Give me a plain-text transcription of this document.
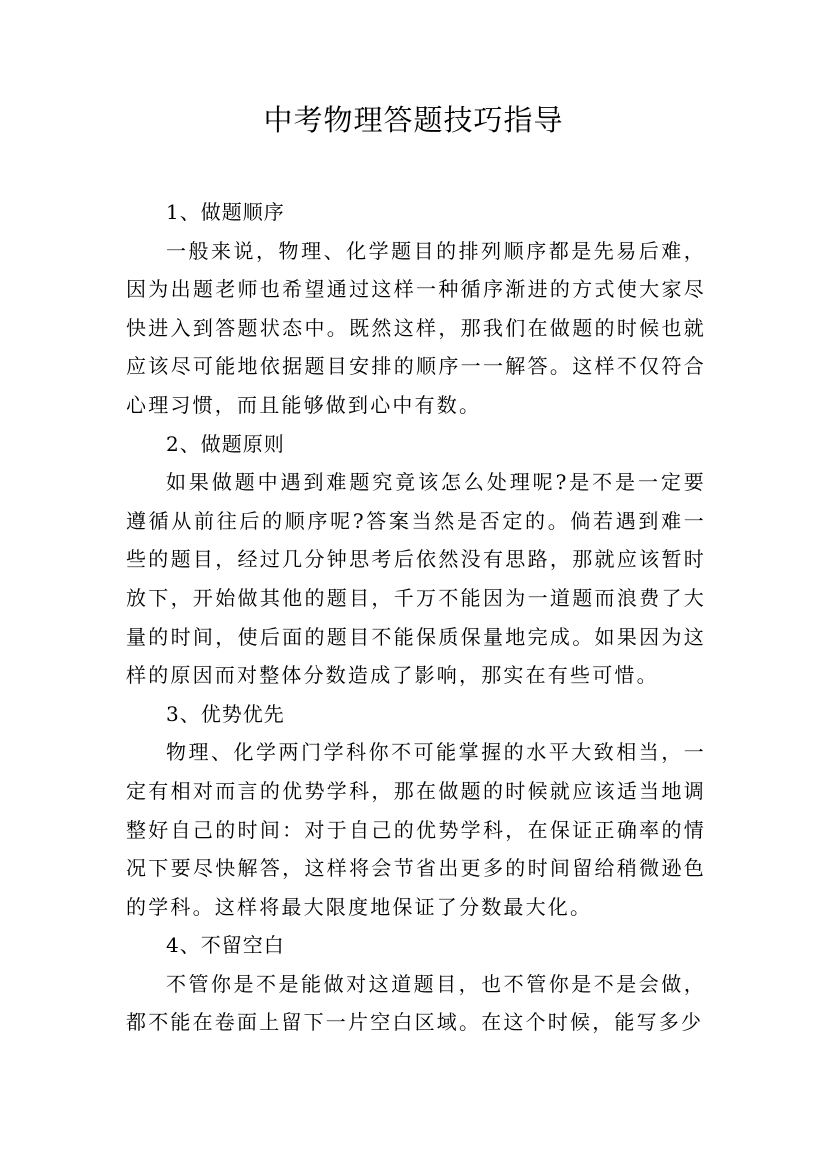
中考物理答题技巧指导

1、做题顺序

一般来说，物理、化学题目的排列顺序都是先易后难，因为出题老师也希望通过这样一种循序渐进的方式使大家尽快进入到答题状态中。既然这样，那我们在做题的时候也就应该尽可能地依据题目安排的顺序一一解答。这样不仅符合心理习惯，而且能够做到心中有数。

2、做题原则

如果做题中遇到难题究竟该怎么处理呢?是不是一定要遵循从前往后的顺序呢?答案当然是否定的。倘若遇到难一些的题目，经过几分钟思考后依然没有思路，那就应该暂时放下，开始做其他的题目，千万不能因为一道题而浪费了大量的时间，使后面的题目不能保质保量地完成。如果因为这样的原因而对整体分数造成了影响，那实在有些可惜。

3、优势优先

物理、化学两门学科你不可能掌握的水平大致相当，一定有相对而言的优势学科，那在做题的时候就应该适当地调整好自己的时间：对于自己的优势学科，在保证正确率的情况下要尽快解答，这样将会节省出更多的时间留给稍微逊色的学科。这样将最大限度地保证了分数最大化。

4、不留空白

不管你是不是能做对这道题目，也不管你是不是会做，都不能在卷面上留下一片空白区域。在这个时候，能写多少
